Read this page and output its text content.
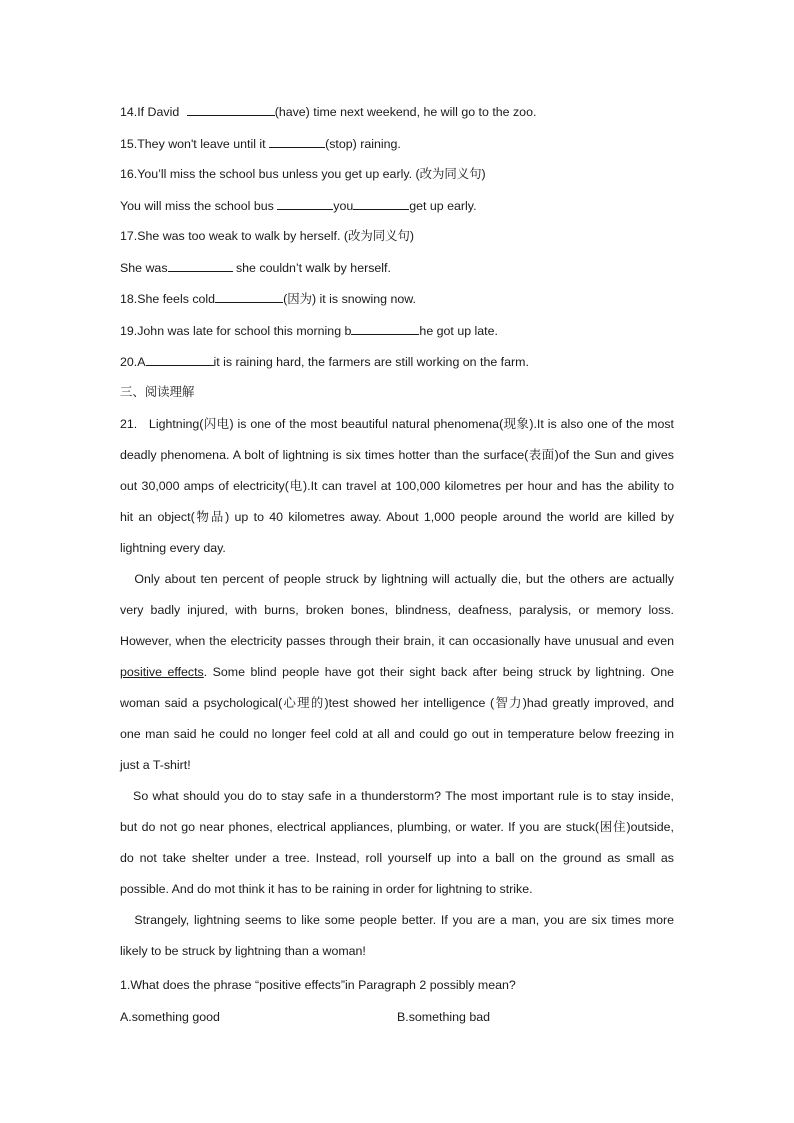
14.If David	(have) time next weekend, he will go to the zoo.
15.They won't leave until it	(stop) raining.
16.You’ll miss the school bus unless you get up early. (改为同义句)
You will miss the school bus	you	get up early.
17.She was too weak to walk by herself. (改为同义句)
She was	she couldn’t walk by herself.
18.She feels cold	(因为) it is snowing now.
19.John was late for school this morning b	he got up late.
20.A	it is raining hard, the farmers are still working on the farm.
三、阅读理解

21.   Lightning(闪电) is one of the most beautiful natural phenomena(现象).It is also one of the most deadly phenomena. A bolt of lightning is six times hotter than the surface(表面)of the Sun and gives out 30,000 amps of electricity(电).It can travel at 100,000 kilometres per hour and has the ability to hit an object(物品) up to 40 kilometres away. About 1,000 people around the world are killed by lightning every day.

Only about ten percent of people struck by lightning will actually die, but the others are actually very badly injured, with burns, broken bones, blindness, deafness, paralysis, or memory loss. However, when the electricity passes through their brain, it can occasionally have unusual and even positive effects. Some blind people have got their sight back after being struck by lightning. One woman said a psychological(心理的)test showed her intelligence (智力)had greatly improved, and one man said he could no longer feel cold at all and could go out in temperature below freezing in just a T-shirt!

So what should you do to stay safe in a thunderstorm? The most important rule is to stay inside, but do not go near phones, electrical appliances, plumbing, or water. If you are stuck(困住)outside, do not take shelter under a tree. Instead, roll yourself up into a ball on the ground as small as possible. And do mot think it has to be raining in order for lightning to strike.

Strangely, lightning seems to like some people better. If you are a man, you are six times more likely to be struck by lightning than a woman!

1.What does the phrase “positive effects”in Paragraph 2 possibly mean?
A.something good	B.something bad
